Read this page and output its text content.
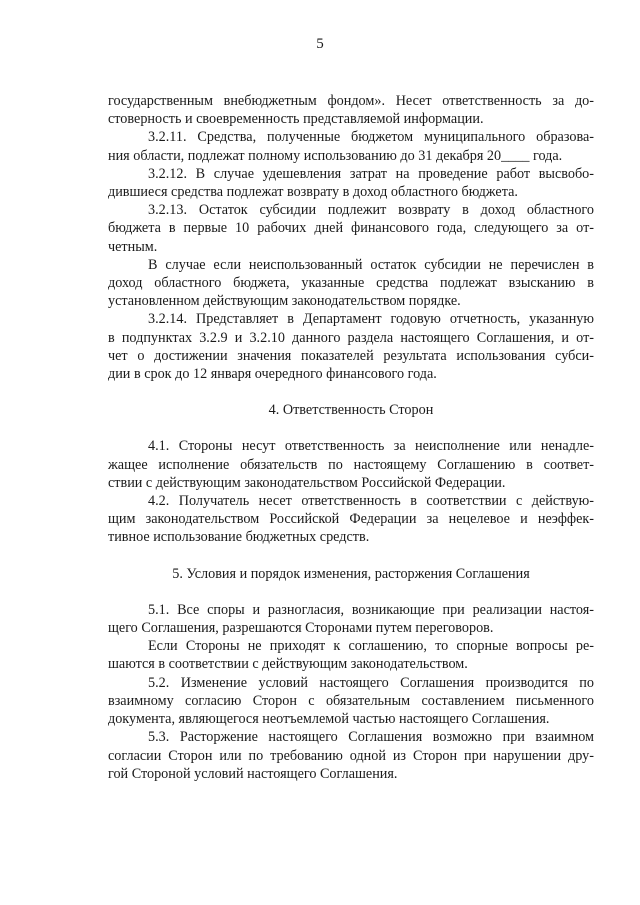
5
государственным внебюджетным фондом». Несет ответственность за до-
стоверность и своевременность представляемой информации.
3.2.11. Средства, полученные бюджетом муниципального образова-
ния области, подлежат полному использованию до 31 декабря 20____ года.
3.2.12. В случае удешевления затрат на проведение работ высвобо-
дившиеся средства подлежат возврату в доход областного бюджета.
3.2.13. Остаток субсидии подлежит возврату в доход областного
бюджета в первые 10 рабочих дней финансового года, следующего за от-
четным.
В случае если неиспользованный остаток субсидии не перечислен в
доход областного бюджета, указанные средства подлежат взысканию в
установленном действующим законодательством порядке.
3.2.14. Представляет в Департамент годовую отчетность, указанную
в подпунктах 3.2.9 и 3.2.10 данного раздела настоящего Соглашения, и от-
чет о достижении значения показателей результата использования субси-
дии в срок до 12 января очередного финансового года.
4. Ответственность Сторон
4.1. Стороны несут ответственность за неисполнение или ненадле-
жащее исполнение обязательств по настоящему Соглашению в соответ-
ствии с действующим законодательством Российской Федерации.
4.2. Получатель несет ответственность в соответствии с действую-
щим законодательством Российской Федерации за нецелевое и неэффек-
тивное использование бюджетных средств.
5. Условия и порядок изменения, расторжения Соглашения
5.1. Все споры и разногласия, возникающие при реализации настоя-
щего Соглашения, разрешаются Сторонами путем переговоров.
Если Стороны не приходят к соглашению, то спорные вопросы ре-
шаются в соответствии с действующим законодательством.
5.2. Изменение условий настоящего Соглашения производится по
взаимному согласию Сторон с обязательным составлением письменного
документа, являющегося неотъемлемой частью настоящего Соглашения.
5.3. Расторжение настоящего Соглашения возможно при взаимном
согласии Сторон или по требованию одной из Сторон при нарушении дру-
гой Стороной условий настоящего Соглашения.
